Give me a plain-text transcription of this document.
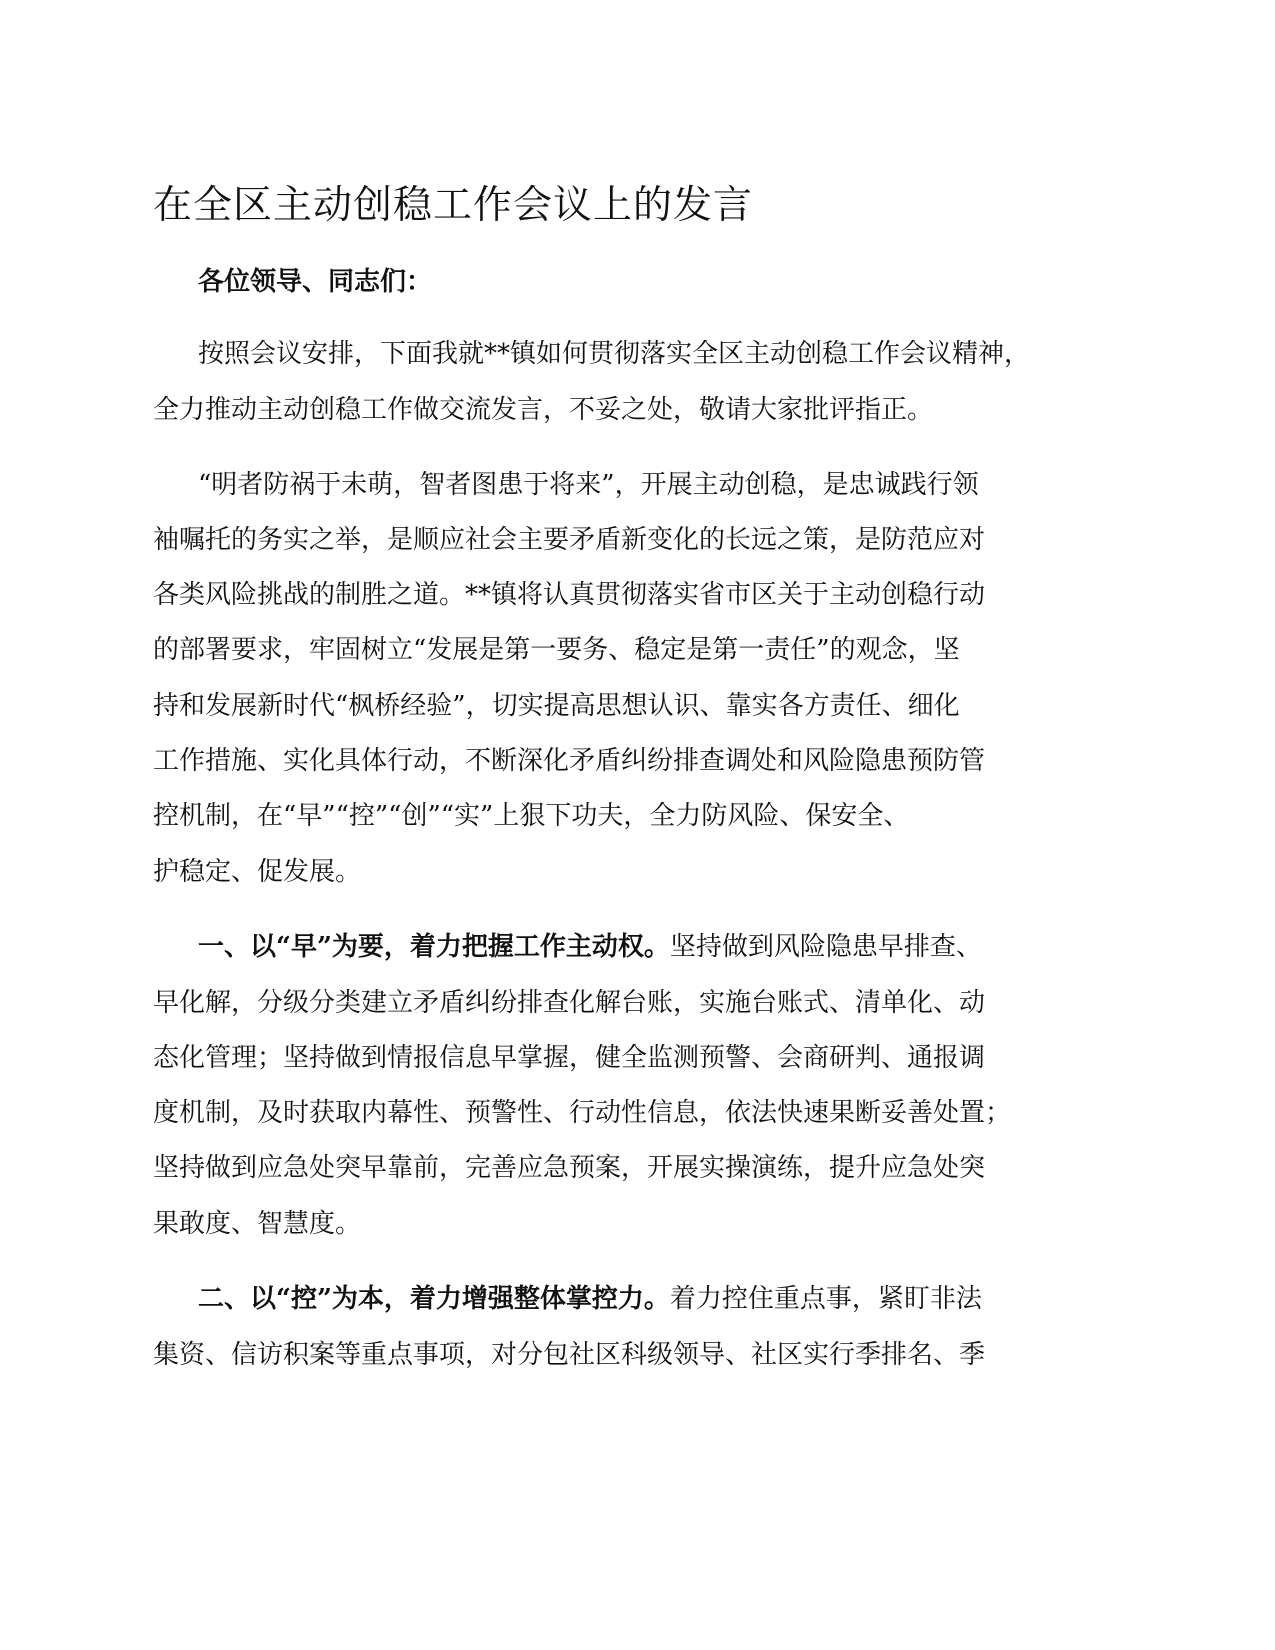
在全区主动创稳工作会议上的发言

各位领导、同志们：

按照会议安排，下面我就**镇如何贯彻落实全区主动创稳工作会议精神，

全力推动主动创稳工作做交流发言，不妥之处，敬请大家批评指正。

“明者防祸于未萌，智者图患于将来”，开展主动创稳，是忠诚践行领

袖嘱托的务实之举，是顺应社会主要矛盾新变化的长远之策，是防范应对

各类风险挑战的制胜之道。**镇将认真贯彻落实省市区关于主动创稳行动

的部署要求，牢固树立“发展是第一要务、稳定是第一责任”的观念，坚

持和发展新时代“枫桥经验”，切实提高思想认识、靠实各方责任、细化

工作措施、实化具体行动，不断深化矛盾纠纷排查调处和风险隐患预防管

控机制，在“早”“控”“创”“实”上狠下功夫，全力防风险、保安全、

护稳定、促发展。

一、以“早”为要，着力把握工作主动权。坚持做到风险隐患早排查、

早化解，分级分类建立矛盾纠纷排查化解台账，实施台账式、清单化、动

态化管理；坚持做到情报信息早掌握，健全监测预警、会商研判、通报调

度机制，及时获取内幕性、预警性、行动性信息，依法快速果断妥善处置；

坚持做到应急处突早靠前，完善应急预案，开展实操演练，提升应急处突

果敢度、智慧度。

二、以“控”为本，着力增强整体掌控力。着力控住重点事，紧盯非法

集资、信访积案等重点事项，对分包社区科级领导、社区实行季排名、季
